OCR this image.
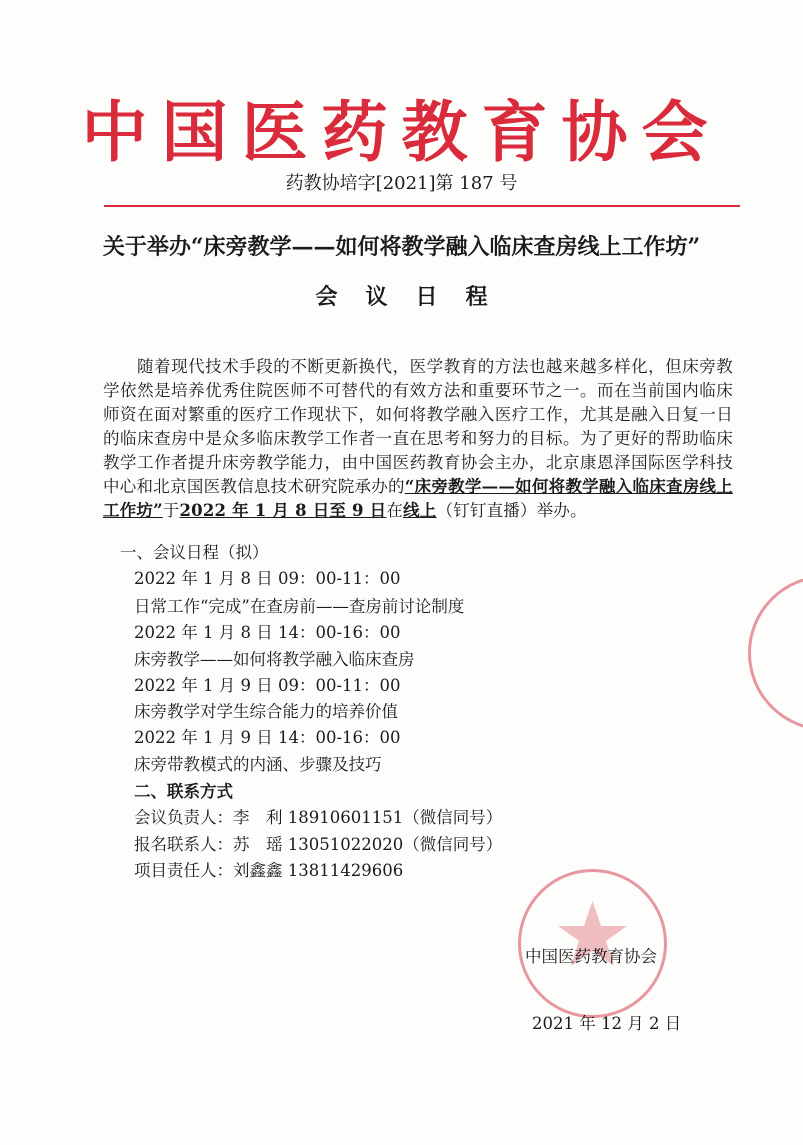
中国医药教育协会
药教协培字[2021]第 187 号
关于举办“床旁教学——如何将教学融入临床查房线上工作坊”
会议日程
随着现代技术手段的不断更新换代，医学教育的方法也越来越多样化，但床旁教学依然是培养优秀住院医师不可替代的有效方法和重要环节之一。而在当前国内临床师资在面对繁重的医疗工作现状下，如何将教学融入医疗工作，尤其是融入日复一日的临床查房中是众多临床教学工作者一直在思考和努力的目标。为了更好的帮助临床教学工作者提升床旁教学能力，由中国医药教育协会主办，北京康恩泽国际医学科技中心和北京国医教信息技术研究院承办的“床旁教学——如何将教学融入临床查房线上工作坊”于2022 年 1 月 8 日至 9 日在线上（钉钉直播）举办。
一、会议日程（拟）
2022 年 1 月 8 日 09：00-11：00
日常工作“完成”在查房前——查房前讨论制度
2022 年 1 月 8 日 14：00-16：00
床旁教学——如何将教学融入临床查房
2022 年 1 月 9 日 09：00-11：00
床旁教学对学生综合能力的培养价值
2022 年 1 月 9 日 14：00-16：00
床旁带教模式的内涵、步骤及技巧
二、联系方式
会议负责人：李　利 18910601151（微信同号）
报名联系人：苏　瑶 13051022020（微信同号）
项目责任人：刘鑫鑫 13811429606
中国医药教育协会
2021 年 12 月 2 日
